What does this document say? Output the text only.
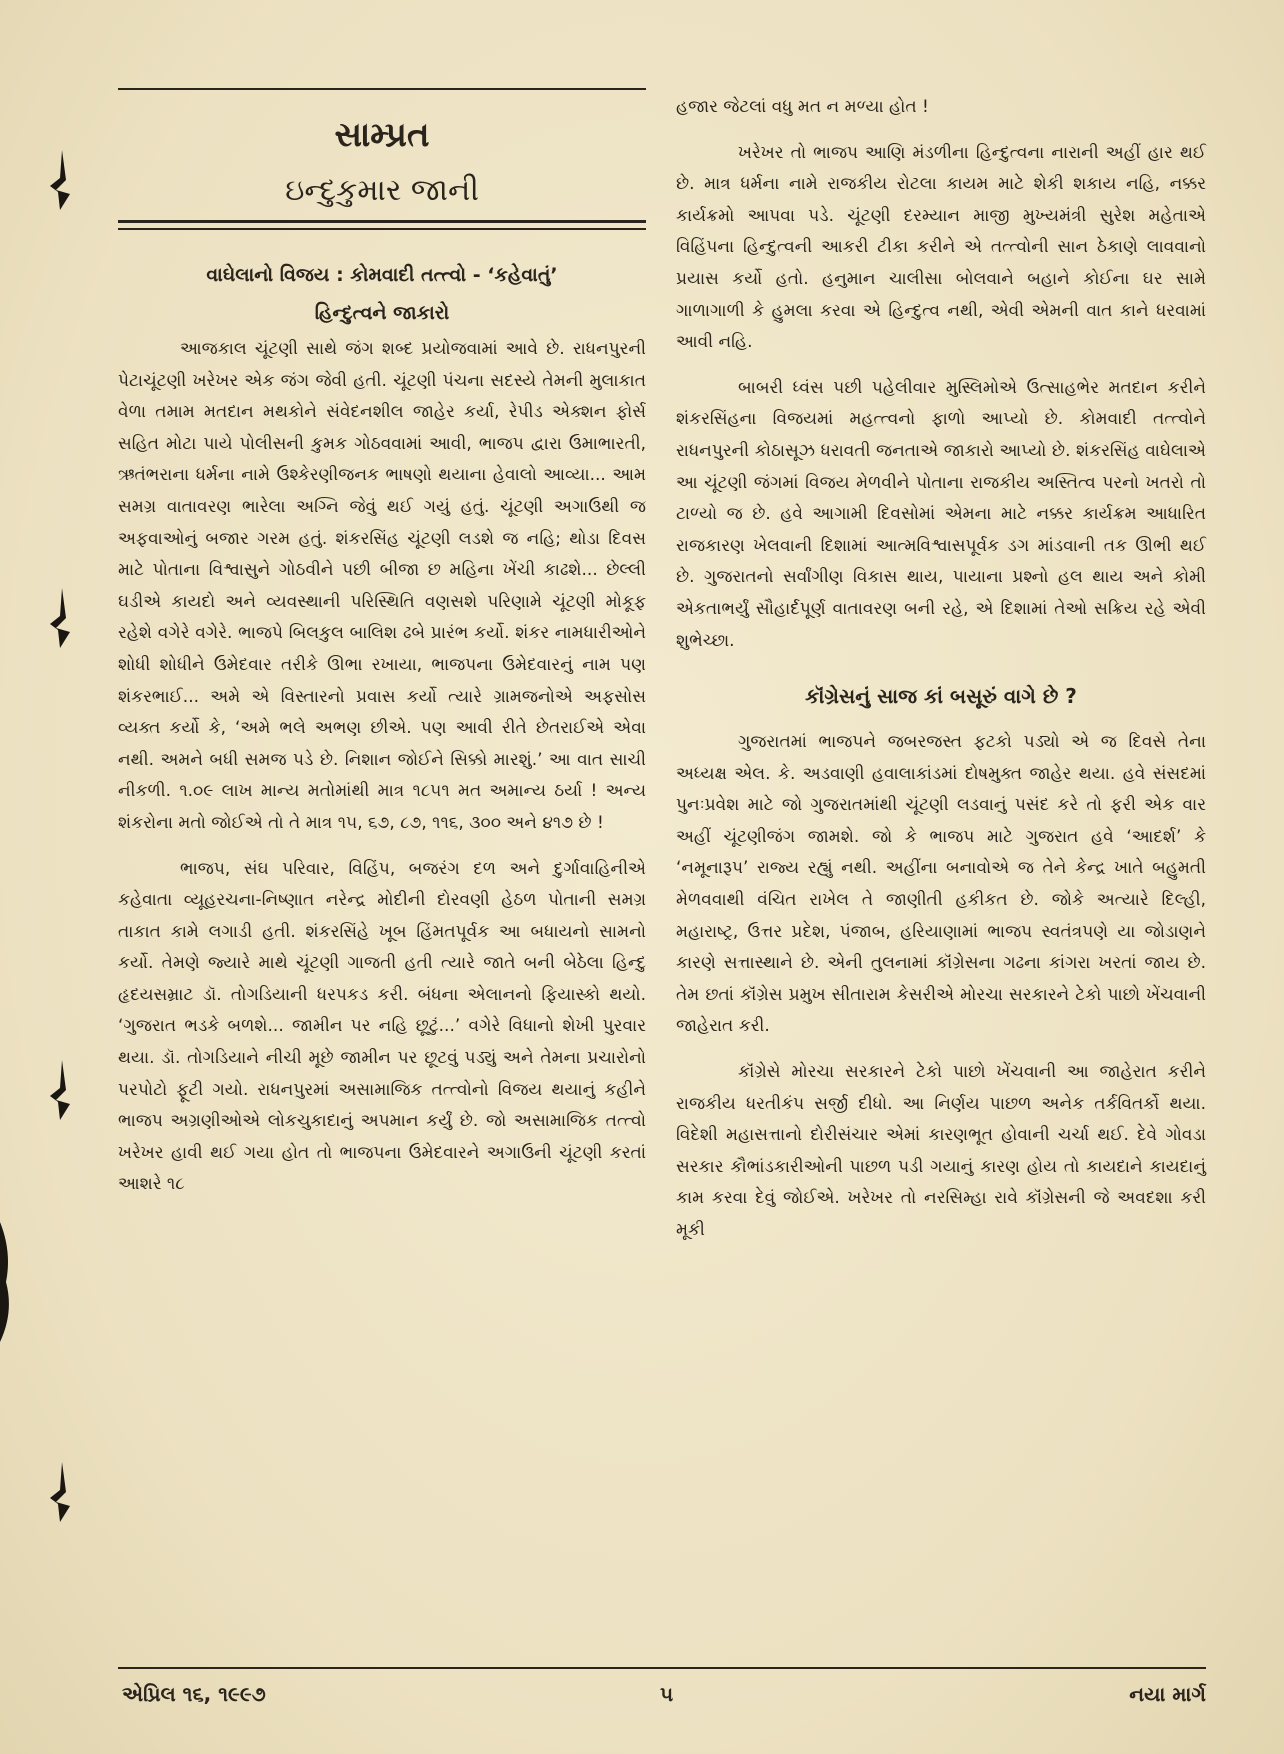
સામ્પ્રત
ઇન્દુકુમાર જાની
વાઘેલાનો વિજય : કોમવાદી તત્ત્વો - ‘કહેવાતું’
હિન્દુત્વને જાકારો

આજકાલ ચૂંટણી સાથે જંગ શબ્દ પ્રયોજવામાં આવે છે. રાધનપુરની પેટાચૂંટણી ખરેખર એક જંગ જેવી હતી. ચૂંટણી પંચના સદસ્યે તેમની મુલાકાત વેળા તમામ મતદાન મથકોને સંવેદનશીલ જાહેર કર્યા, રેપીડ એક્શન ફોર્સ સહિત મોટા પાયે પોલીસની કુમક ગોઠવવામાં આવી, ભાજપ દ્વારા ઉમાભારતી, ઋતંભરાના ધર્મના નામે ઉશ્કેરણીજનક ભાષણો થયાના હેવાલો આવ્યા... આમ સમગ્ર વાતાવરણ ભારેલા અગ્નિ જેવું થઈ ગયું હતું. ચૂંટણી અગાઉથી જ અફવાઓનું બજાર ગરમ હતું. શંકરસિંહ ચૂંટણી લડશે જ નહિ; થોડા દિવસ માટે પોતાના વિશ્વાસુને ગોઠવીને પછી બીજા છ મહિના ખેંચી કાઢશે... છેલ્લી ઘડીએ કાયદો અને વ્યવસ્થાની પરિસ્થિતિ વણસશે પરિણામે ચૂંટણી મોકૂફ રહેશે વગેરે વગેરે. ભાજપે બિલકુલ બાલિશ ઢબે પ્રારંભ કર્યો. શંકર નામધારીઓને શોધી શોધીને ઉમેદવાર તરીકે ઊભા રખાયા, ભાજપના ઉમેદવારનું નામ પણ શંકરભાઈ... અમે એ વિસ્તારનો પ્રવાસ કર્યો ત્યારે ગ્રામજનોએ અફસોસ વ્યક્ત કર્યો કે, ‘અમે ભલે અભણ છીએ. પણ આવી રીતે છેતરાઈએ એવા નથી. અમને બધી સમજ પડે છે. નિશાન જોઈને સિક્કો મારશું.’ આ વાત સાચી નીકળી. ૧.૦૯ લાખ માન્ય મતોમાંથી માત્ર ૧૮૫૧ મત અમાન્ય ઠર્યા ! અન્ય શંકરોના મતો જોઈએ તો તે માત્ર ૧૫, ૬૭, ૮૭, ૧૧૬, ૩૦૦ અને ૪૧૭ છે !

ભાજપ, સંઘ પરિવાર, વિહિંપ, બજરંગ દળ અને દુર્ગાવાહિનીએ કહેવાતા વ્યૂહરચના-નિષ્ણાત નરેન્દ્ર મોદીની દોરવણી હેઠળ પોતાની સમગ્ર તાકાત કામે લગાડી હતી. શંકરસિંહે ખૂબ હિંમતપૂર્વક આ બધાયનો સામનો કર્યો. તેમણે જ્યારે માથે ચૂંટણી ગાજતી હતી ત્યારે જાતે બની બેઠેલા હિન્દુ હૃદયસમ્રાટ ડૉ. તોગડિયાની ધરપકડ કરી. બંધના એલાનનો ફિયાસ્કો થયો. ‘ગુજરાત ભડકે બળશે... જામીન પર નહિ છૂટું...’ વગેરે વિધાનો શેખી પુરવાર થયા. ડૉ. તોગડિયાને નીચી મૂછે જામીન પર છૂટવું પડ્યું અને તેમના પ્રચારોનો પરપોટો ફૂટી ગયો. રાધનપુરમાં અસામાજિક તત્ત્વોનો વિજય થયાનું કહીને ભાજપ અગ્રણીઓએ લોકચુકાદાનું અપમાન કર્યું છે. જો અસામાજિક તત્ત્વો ખરેખર હાવી થઈ ગયા હોત તો ભાજપના ઉમેદવારને અગાઉની ચૂંટણી કરતાં આશરે ૧૮

હજાર જેટલાં વધુ મત ન મળ્યા હોત !

ખરેખર તો ભાજપ આણિ મંડળીના હિન્દુત્વના નારાની અહીં હાર થઈ છે. માત્ર ધર્મના નામે રાજકીય રોટલા કાયમ માટે શેકી શકાય નહિ, નક્કર કાર્યક્રમો આપવા પડે. ચૂંટણી દરમ્યાન માજી મુખ્યમંત્રી સુરેશ મહેતાએ વિહિંપના હિન્દુત્વની આકરી ટીકા કરીને એ તત્ત્વોની સાન ઠેકાણે લાવવાનો પ્રયાસ કર્યો હતો. હનુમાન ચાલીસા બોલવાને બહાને કોઈના ઘર સામે ગાળાગાળી કે હુમલા કરવા એ હિન્દુત્વ નથી, એવી એમની વાત કાને ધરવામાં આવી નહિ.

બાબરી ધ્વંસ પછી પહેલીવાર મુસ્લિમોએ ઉત્સાહભેર મતદાન કરીને શંકરસિંહના વિજયમાં મહત્ત્વનો ફાળો આપ્યો છે. કોમવાદી તત્ત્વોને રાધનપુરની કોઠાસૂઝ ધરાવતી જનતાએ જાકારો આપ્યો છે. શંકરસિંહ વાઘેલાએ આ ચૂંટણી જંગમાં વિજય મેળવીને પોતાના રાજકીય અસ્તિત્વ પરનો ખતરો તો ટાળ્યો જ છે. હવે આગામી દિવસોમાં એમના માટે નક્કર કાર્યક્રમ આધારિત રાજકારણ ખેલવાની દિશામાં આત્મવિશ્વાસપૂર્વક ડગ માંડવાની તક ઊભી થઈ છે. ગુજરાતનો સર્વાંગીણ વિકાસ થાય, પાયાના પ્રશ્નો હલ થાય અને કોમી એકતાભર્યું સૌહાર્દપૂર્ણ વાતાવરણ બની રહે, એ દિશામાં તેઓ સક્રિય રહે એવી શુભેચ્છા.

કૉંગ્રેસનું સાજ કાં બસૂરું વાગે છે ?

ગુજરાતમાં ભાજપને જબરજસ્ત ફટકો પડ્યો એ જ દિવસે તેના અધ્યક્ષ એલ. કે. અડવાણી હવાલાકાંડમાં દોષમુક્ત જાહેર થયા. હવે સંસદમાં પુનઃપ્રવેશ માટે જો ગુજરાતમાંથી ચૂંટણી લડવાનું પસંદ કરે તો ફરી એક વાર અહીં ચૂંટણીજંગ જામશે. જો કે ભાજપ માટે ગુજરાત હવે ‘આદર્શ’ કે ‘નમૂનારૂપ’ રાજ્ય રહ્યું નથી. અહીંના બનાવોએ જ તેને કેન્દ્ર ખાતે બહુમતી મેળવવાથી વંચિત રાખેલ તે જાણીતી હકીકત છે. જોકે અત્યારે દિલ્હી, મહારાષ્ટ્ર, ઉત્તર પ્રદેશ, પંજાબ, હરિયાણામાં ભાજપ સ્વતંત્રપણે યા જોડાણને કારણે સત્તાસ્થાને છે. એની તુલનામાં કૉંગ્રેસના ગઢના કાંગરા ખરતાં જાય છે. તેમ છતાં કૉંગ્રેસ પ્રમુખ સીતારામ કેસરીએ મોરચા સરકારને ટેકો પાછો ખેંચવાની જાહેરાત કરી.

કૉંગ્રેસે મોરચા સરકારને ટેકો પાછો ખેંચવાની આ જાહેરાત કરીને રાજકીય ધરતીકંપ સર્જી દીધો. આ નિર્ણય પાછળ અનેક તર્કવિતર્કો થયા. વિદેશી મહાસત્તાનો દોરીસંચાર એમાં કારણભૂત હોવાની ચર્ચા થઈ. દેવે ગોવડા સરકાર કૌભાંડકારીઓની પાછળ પડી ગયાનું કારણ હોય તો કાયદાને કાયદાનું કામ કરવા દેવું જોઈએ. ખરેખર તો નરસિમ્હા રાવે કૉંગ્રેસની જે અવદશા કરી મૂકી

એપ્રિલ ૧૬, ૧૯૯૭	૫	નયા માર્ગ
